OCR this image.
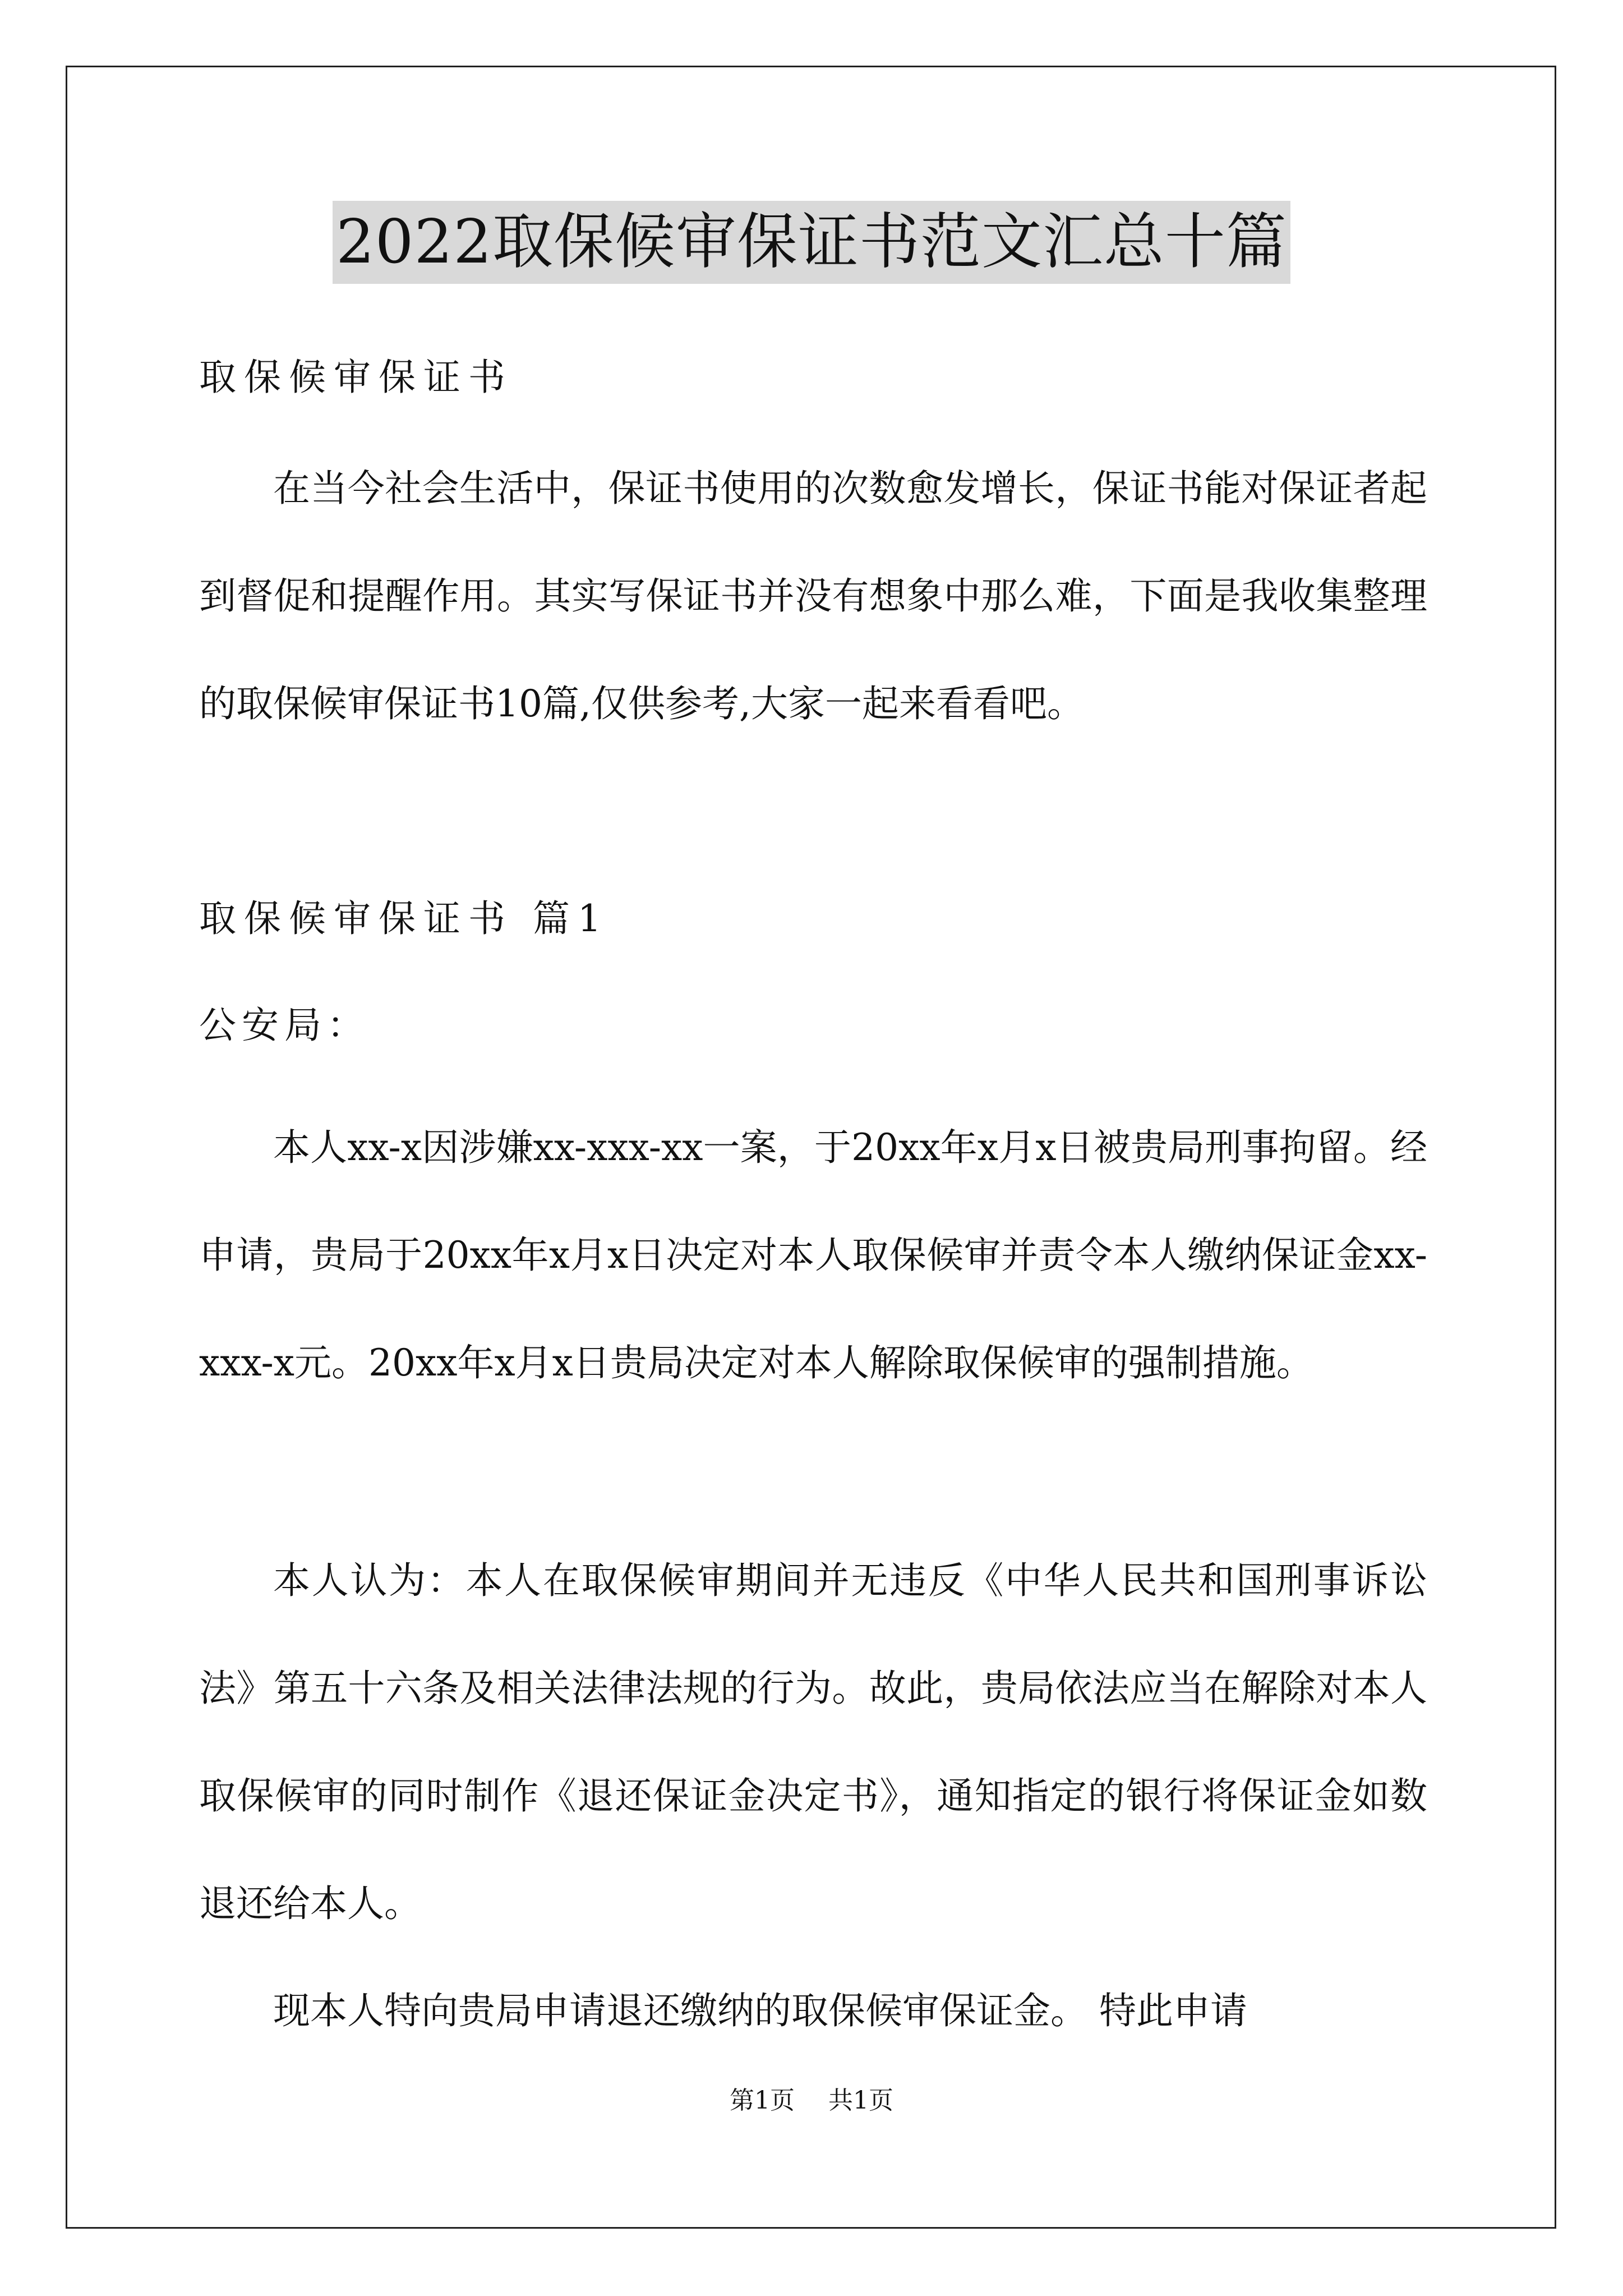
2022取保候审保证书范文汇总十篇

取保候审保证书

在当今社会生活中，保证书使用的次数愈发增长，保证书能对保证者起到督促和提醒作用。其实写保证书并没有想象中那么难，下面是我收集整理的取保候审保证书10篇,仅供参考,大家一起来看看吧。

取保候审保证书 篇1

公安局：

本人xx-x因涉嫌xx-xxx-xx一案，于20xx年x月x日被贵局刑事拘留。经申请，贵局于20xx年x月x日决定对本人取保候审并责令本人缴纳保证金xx-xxx-x元。20xx年x月x日贵局决定对本人解除取保候审的强制措施。

本人认为：本人在取保候审期间并无违反《中华人民共和国刑事诉讼法》第五十六条及相关法律法规的行为。故此，贵局依法应当在解除对本人取保候审的同时制作《退还保证金决定书》，通知指定的银行将保证金如数退还给本人。

现本人特向贵局申请退还缴纳的取保候审保证金。 特此申请

第1页 共1页
